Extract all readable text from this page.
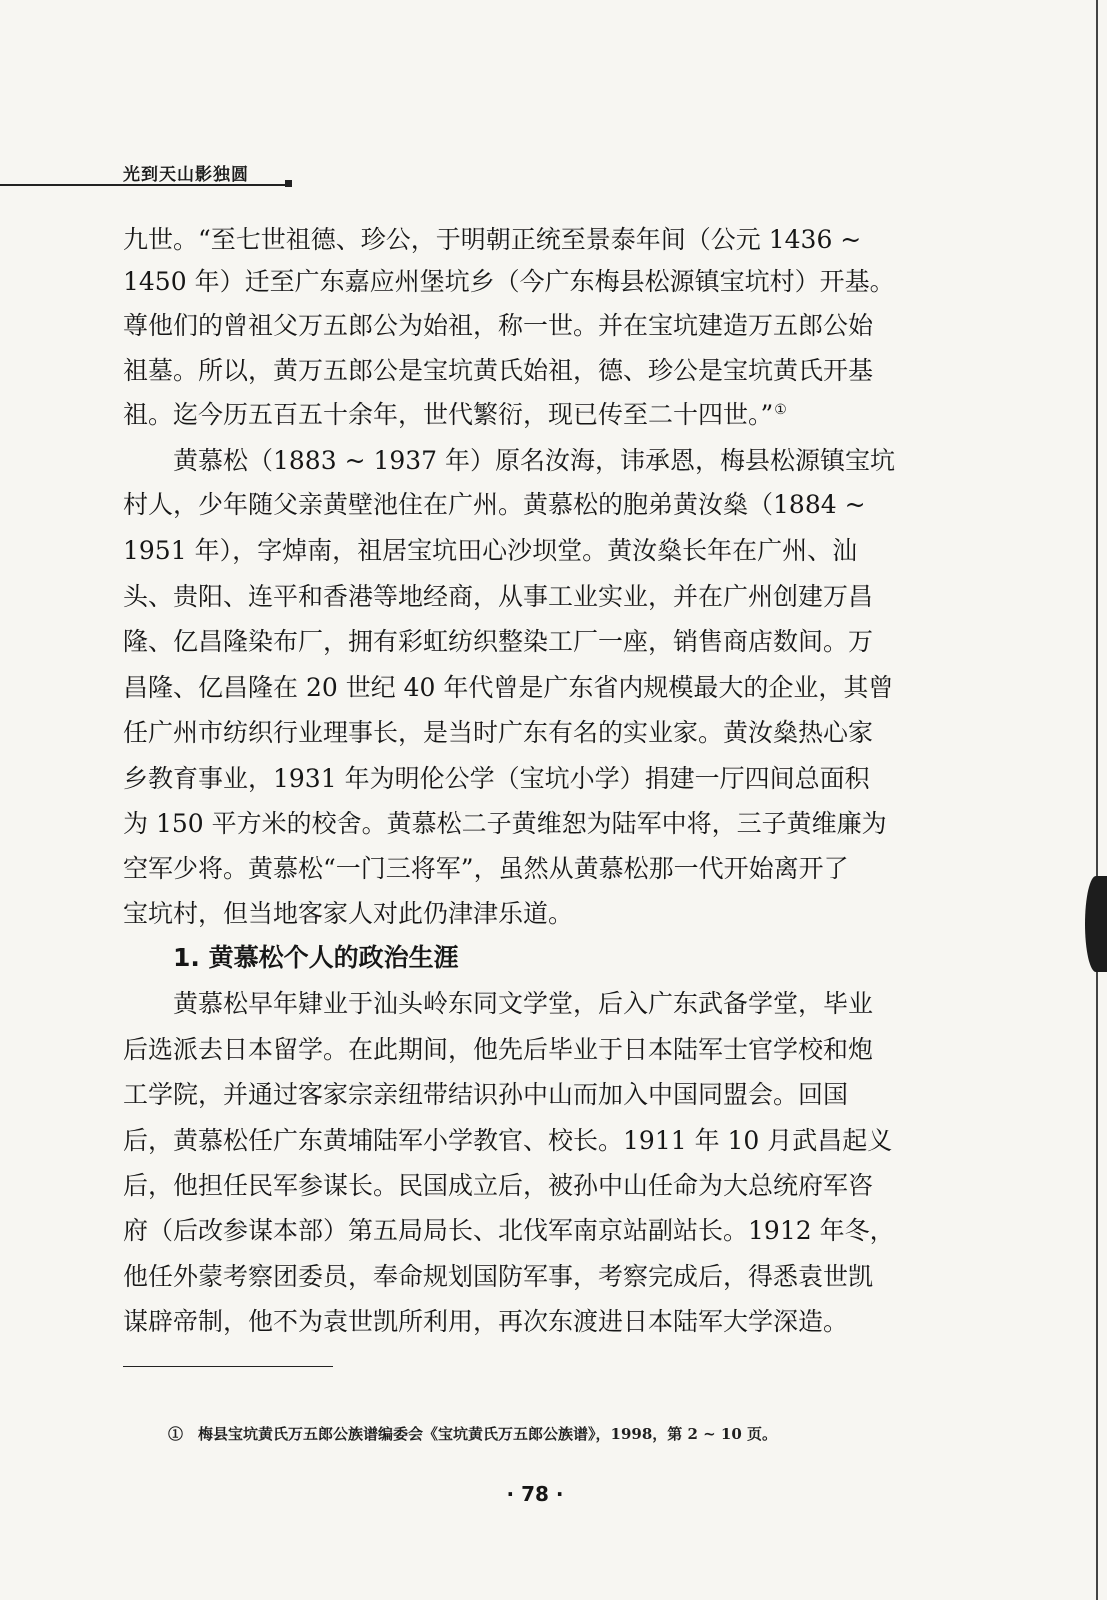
光到天山影独圆
九世。“至七世祖德、珍公，于明朝正统至景泰年间（公元 1436 ~
1450 年）迁至广东嘉应州堡坑乡（今广东梅县松源镇宝坑村）开基。
尊他们的曾祖父万五郎公为始祖，称一世。并在宝坑建造万五郎公始
祖墓。所以，黄万五郎公是宝坑黄氏始祖，德、珍公是宝坑黄氏开基
祖。迄今历五百五十余年，世代繁衍，现已传至二十四世。”①
　　黄慕松（1883 ~ 1937 年）原名汝海，讳承恩，梅县松源镇宝坑
村人，少年随父亲黄壁池住在广州。黄慕松的胞弟黄汝燊（1884 ~
1951 年），字焯南，祖居宝坑田心沙坝堂。黄汝燊长年在广州、汕
头、贵阳、连平和香港等地经商，从事工业实业，并在广州创建万昌
隆、亿昌隆染布厂，拥有彩虹纺织整染工厂一座，销售商店数间。万
昌隆、亿昌隆在 20 世纪 40 年代曾是广东省内规模最大的企业，其曾
任广州市纺织行业理事长，是当时广东有名的实业家。黄汝燊热心家
乡教育事业，1931 年为明伦公学（宝坑小学）捐建一厅四间总面积
为 150 平方米的校舍。黄慕松二子黄维恕为陆军中将，三子黄维廉为
空军少将。黄慕松“一门三将军”，虽然从黄慕松那一代开始离开了
宝坑村，但当地客家人对此仍津津乐道。
　　1. 黄慕松个人的政治生涯
　　黄慕松早年肄业于汕头岭东同文学堂，后入广东武备学堂，毕业
后选派去日本留学。在此期间，他先后毕业于日本陆军士官学校和炮
工学院，并通过客家宗亲纽带结识孙中山而加入中国同盟会。回国
后，黄慕松任广东黄埔陆军小学教官、校长。1911 年 10 月武昌起义
后，他担任民军参谋长。民国成立后，被孙中山任命为大总统府军咨
府（后改参谋本部）第五局局长、北伐军南京站副站长。1912 年冬，
他任外蒙考察团委员，奉命规划国防军事，考察完成后，得悉袁世凯
谋辟帝制，他不为袁世凯所利用，再次东渡进日本陆军大学深造。
①　梅县宝坑黄氏万五郎公族谱编委会《宝坑黄氏万五郎公族谱》，1998，第 2 ~ 10 页。
· 78 ·
